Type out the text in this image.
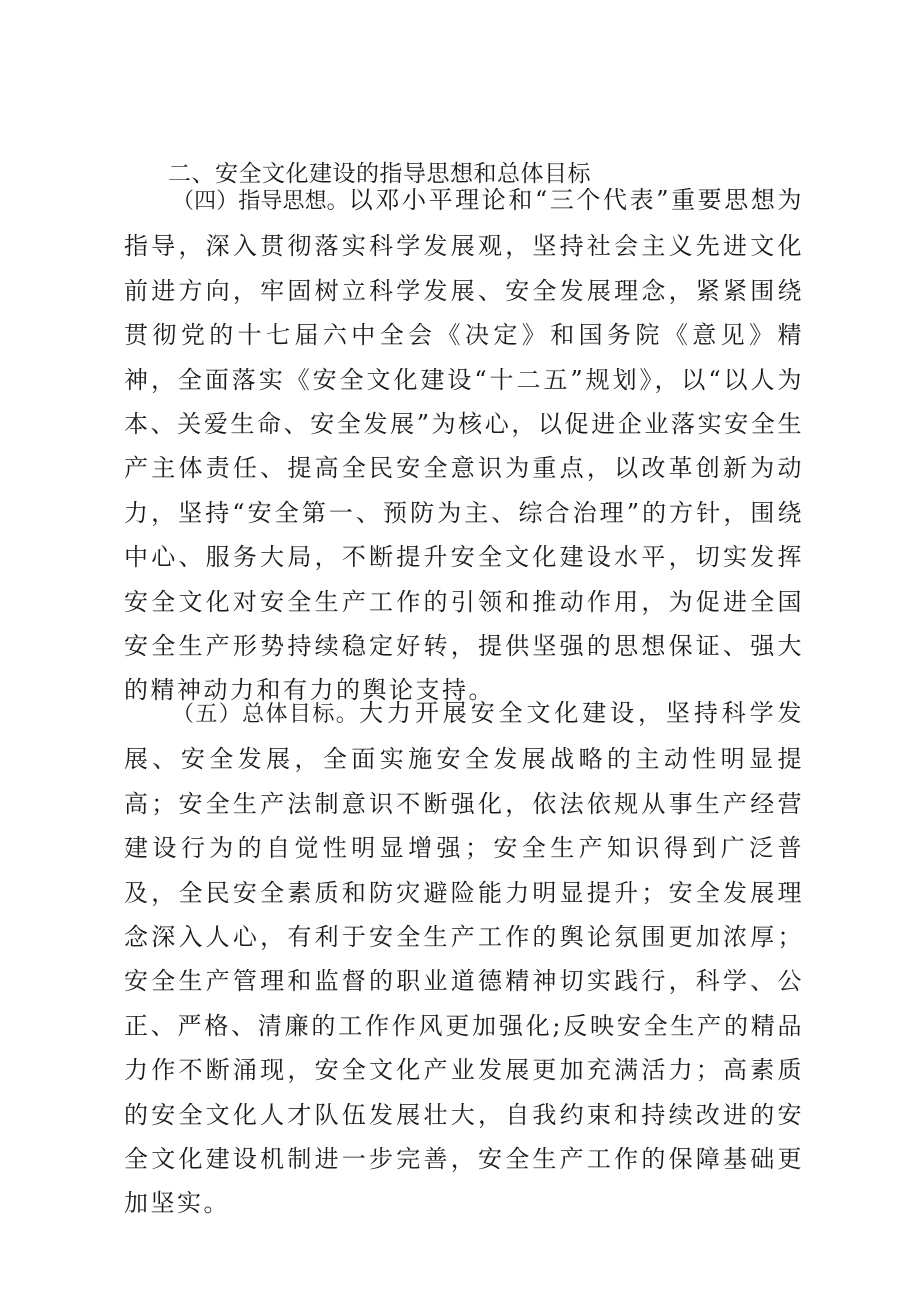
二、安全文化建设的指导思想和总体目标

（四）指导思想。以邓小平理论和“三个代表”重要思想为指导，深入贯彻落实科学发展观，坚持社会主义先进文化前进方向，牢固树立科学发展、安全发展理念，紧紧围绕贯彻党的十七届六中全会《决定》和国务院《意见》精神，全面落实《安全文化建设“十二五”规划》，以“以人为本、关爱生命、安全发展”为核心，以促进企业落实安全生产主体责任、提高全民安全意识为重点，以改革创新为动力，坚持“安全第一、预防为主、综合治理”的方针，围绕中心、服务大局，不断提升安全文化建设水平，切实发挥安全文化对安全生产工作的引领和推动作用，为促进全国安全生产形势持续稳定好转，提供坚强的思想保证、强大的精神动力和有力的舆论支持。

（五）总体目标。大力开展安全文化建设，坚持科学发展、安全发展，全面实施安全发展战略的主动性明显提高；安全生产法制意识不断强化，依法依规从事生产经营建设行为的自觉性明显增强；安全生产知识得到广泛普及，全民安全素质和防灾避险能力明显提升；安全发展理念深入人心，有利于安全生产工作的舆论氛围更加浓厚；安全生产管理和监督的职业道德精神切实践行，科学、公正、严格、清廉的工作作风更加强化;反映安全生产的精品力作不断涌现，安全文化产业发展更加充满活力；高素质的安全文化人才队伍发展壮大，自我约束和持续改进的安全文化建设机制进一步完善，安全生产工作的保障基础更加坚实。
